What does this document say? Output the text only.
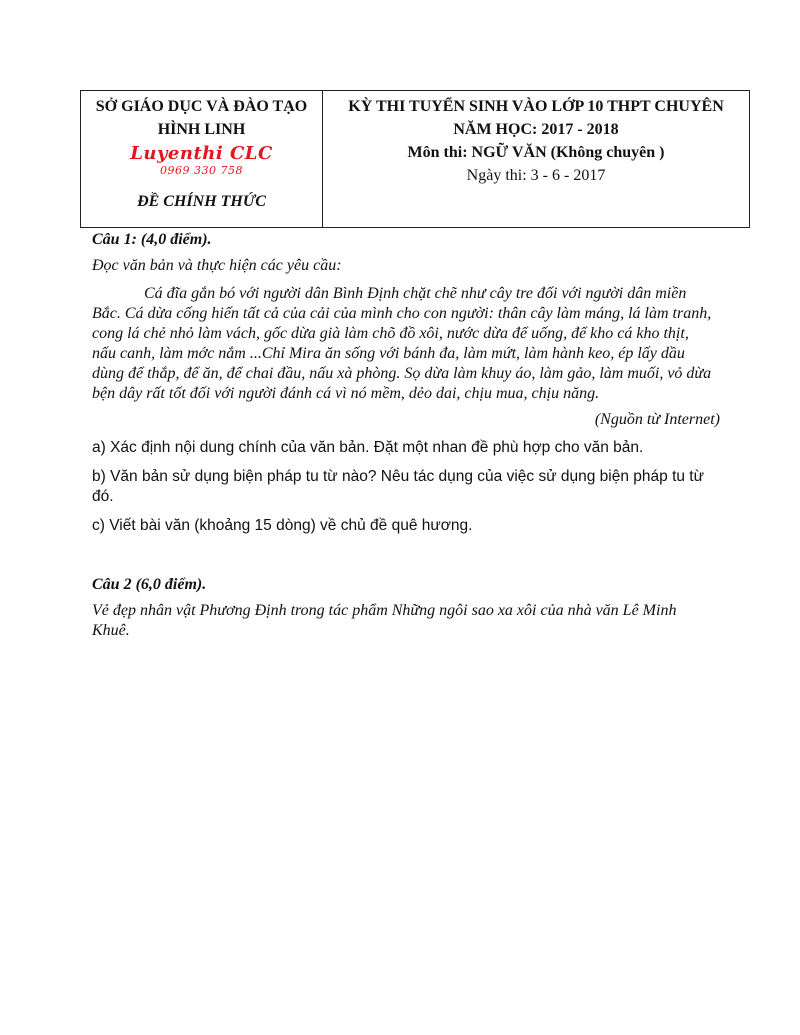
SỞ GIÁO DỤC VÀ ĐÀO TẠO

HÌNH LINH

Luyenthi CLC
0969 330 758
ĐỀ CHÍNH THỨC

KỲ THI TUYỂN SINH VÀO LỚP 10 THPT CHUYÊN

NĂM HỌC: 2017 - 2018

Môn thi: NGỮ VĂN (Không chuyên )

Ngày thi: 3 - 6 - 2017

Câu 1: (4,0 điểm).

Đọc văn bản và thực hiện các yêu cầu:

Cá đĩa gắn bó với người dân Bình Định chặt chẽ như cây tre đối với người dân miền Bắc. Cá dừa cống hiến tất cả của cải của mình cho con người: thân cây làm máng, lá làm tranh, cong lá chẻ nhỏ làm vách, gốc dừa già làm chõ đồ xôi, nước dừa để uống, để kho cá kho thịt, nấu canh, làm mớc nắm ...Chỉ Mira ăn sống với bánh đa, làm mứt, làm hành keo, ép lấy dầu dùng để thắp, để ăn, để chai đầu, nấu xà phòng. Sọ dừa làm khuy áo, làm gảo, làm muối, vỏ dừa bện dây rất tốt đối với người đánh cá vì nó mềm, dẻo dai, chịu mua, chịu năng.

(Nguồn từ Internet)

a) Xác định nội dung chính của văn bản. Đặt một nhan đề phù hợp cho văn bản.

b) Văn bản sử dụng biện pháp tu từ nào? Nêu tác dụng của việc sử dụng biện pháp tu từ đó.

c) Viết bài văn (khoảng 15 dòng) về chủ đề quê hương.

Câu 2 (6,0 điểm).

Vẻ đẹp nhân vật Phương Định trong tác phẩm Những ngôi sao xa xôi của nhà văn Lê Minh Khuê.
